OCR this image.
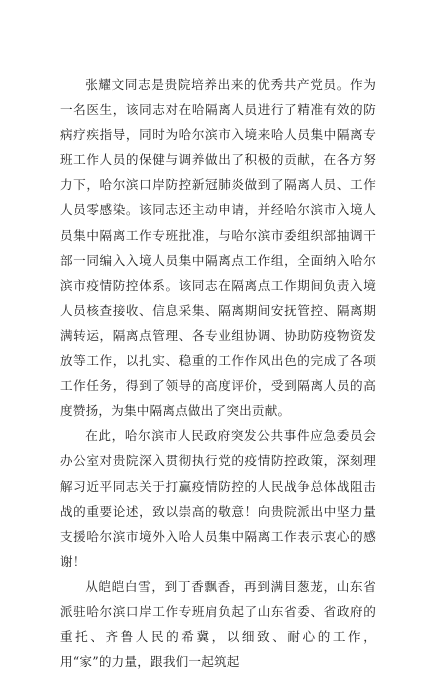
张耀文同志是贵院培养出来的优秀共产党员。作为一名医生，该同志对在哈隔离人员进行了精准有效的防病疗疾指导，同时为哈尔滨市入境来哈人员集中隔离专班工作人员的保健与调养做出了积极的贡献，在各方努力下，哈尔滨口岸防控新冠肺炎做到了隔离人员、工作人员零感染。该同志还主动申请，并经哈尔滨市入境人员集中隔离工作专班批准，与哈尔滨市委组织部抽调干部一同编入入境人员集中隔离点工作组，全面纳入哈尔滨市疫情防控体系。该同志在隔离点工作期间负责入境人员核查接收、信息采集、隔离期间安抚管控、隔离期满转运，隔离点管理、各专业组协调、协助防疫物资发放等工作，以扎实、稳重的工作作风出色的完成了各项工作任务，得到了领导的高度评价，受到隔离人员的高度赞扬，为集中隔离点做出了突出贡献。

在此，哈尔滨市人民政府突发公共事件应急委员会办公室对贵院深入贯彻执行党的疫情防控政策，深刻理解习近平同志关于打赢疫情防控的人民战争总体战阻击战的重要论述，致以崇高的敬意！向贵院派出中坚力量支援哈尔滨市境外入哈人员集中隔离工作表示衷心的感谢！

从皑皑白雪，到丁香飘香，再到满目葱茏，山东省派驻哈尔滨口岸工作专班肩负起了山东省委、省政府的重托、齐鲁人民的希冀，以细致、耐心的工作，用“家”的力量，跟我们一起筑起
